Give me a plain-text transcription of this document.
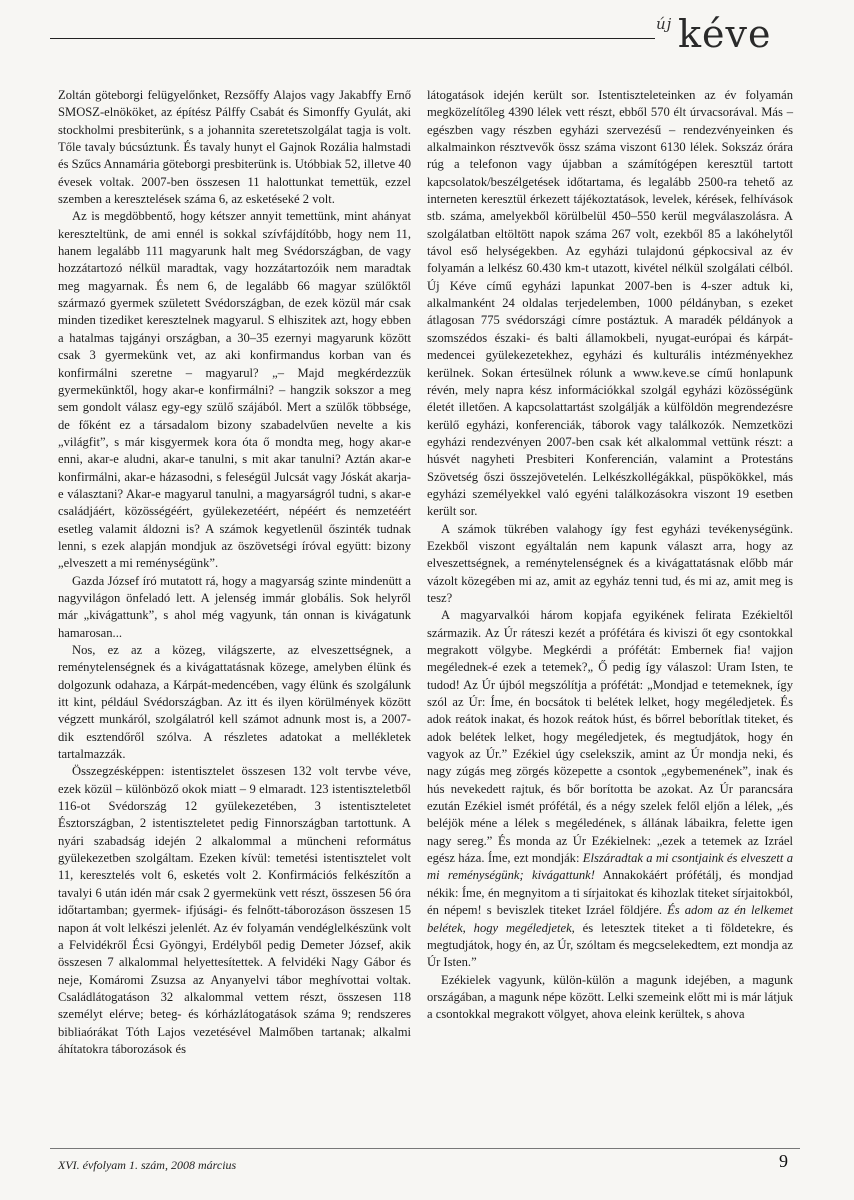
új kéve

Zoltán göteborgi felügyelőnket, Rezsőffy Alajos vagy Jakabffy Ernő SMOSZ-elnököket, az építész Pálffy Csabát és Simonffy Gyulát, aki stockholmi presbiterünk, s a johannita szeretetszolgálat tagja is volt. Tőle tavaly búcsúztunk. És tavaly hunyt el Gajnok Rozália halmstadi és Szűcs Annamária göteborgi presbiterünk is. Utóbbiak 52, illetve 40 évesek voltak. 2007-ben összesen 11 halottunkat temettük, ezzel szemben a keresztelések száma 6, az esketéseké 2 volt.

Az is megdöbbentő, hogy kétszer annyit temettünk, mint ahányat kereszteltünk, de ami ennél is sokkal szívfájdítóbb, hogy nem 11, hanem legalább 111 magyarunk halt meg Svédországban, de vagy hozzátartozó nélkül maradtak, vagy hozzátartozóik nem maradtak meg magyarnak. És nem 6, de legalább 66 magyar szülőktől származó gyermek született Svédországban, de ezek közül már csak minden tizediket keresztelnek magyarul. S elhiszitek azt, hogy ebben a hatalmas tajgányi országban, a 30–35 ezernyi magyarunk között csak 3 gyermekünk vet, az aki konfirmandus korban van és konfirmálni szeretne – magyarul? „– Majd megkérdezzük gyermekünktől, hogy akar-e konfirmálni? – hangzik sokszor a meg sem gondolt válasz egy-egy szülő szájából. Mert a szülők többsége, de főként ez a társadalom bizony szabadelvűen nevelte a kis „világfit”, s már kisgyermek kora óta ő mondta meg, hogy akar-e enni, akar-e aludni, akar-e tanulni, s mit akar tanulni? Aztán akar-e konfirmálni, akar-e házasodni, s feleségül Julcsát vagy Jóskát akarja-e választani? Akar-e magyarul tanulni, a magyarságról tudni, s akar-e családjáért, közösségéért, gyülekezetéért, népéért és nemzetéért esetleg valamit áldozni is? A számok kegyetlenül őszinték tudnak lenni, s ezek alapján mondjuk az öszövetségi íróval együtt: bizony „elveszett a mi reménységünk”.

Gazda József író mutatott rá, hogy a magyarság szinte mindenütt a nagyvilágon önfeladó lett. A jelenség immár globális. Sok helyről már „kivágattunk”, s ahol még vagyunk, tán onnan is kivágatunk hamarosan...

Nos, ez az a közeg, világszerte, az elveszettségnek, a reménytelenségnek és a kivágattatásnak közege, amelyben élünk és dolgozunk odahaza, a Kárpát-medencében, vagy élünk és szolgálunk itt kint, például Svédországban. Az itt és ilyen körülmények között végzett munkáról, szolgálatról kell számot adnunk most is, a 2007-dik esztendőről szólva. A részletes adatokat a mellékletek tartalmazzák.

Összegzésképpen: istentisztelet összesen 132 volt tervbe véve, ezek közül – különböző okok miatt – 9 elmaradt. 123 istentiszteletből 116-ot Svédország 12 gyülekezetében, 3 istentiszteletet Észtországban, 2 istentiszteletet pedig Finnországban tartottunk. A nyári szabadság idején 2 alkalommal a müncheni református gyülekezetben szolgáltam. Ezeken kívül: temetési istentisztelet volt 11, keresztelés volt 6, esketés volt 2. Konfirmációs felkészítőn a tavalyi 6 után idén már csak 2 gyermekünk vett részt, összesen 56 óra időtartamban; gyermek- ifjúsági- és felnőtt-táborozáson összesen 15 napon át volt lelkészi jelenlét. Az év folyamán vendéglelkészünk volt a Felvidékről Écsi Gyöngyi, Erdélyből pedig Demeter József, akik összesen 7 alkalommal helyettesítettek. A felvidéki Nagy Gábor és neje, Komáromi Zsuzsa az Anyanyelvi tábor meghívottai voltak. Családlátogatáson 32 alkalommal vettem részt, összesen 118 személyt elérve; beteg- és kórházlátogatások száma 9; rendszeres bibliaórákat Tóth Lajos vezetésével Malmőben tartanak; alkalmi áhítatokra táborozások és

látogatások idején került sor. Istentiszteleteinken az év folyamán megközelítőleg 4390 lélek vett részt, ebből 570 élt úrvacsorával. Más – egészben vagy részben egyházi szervezésű – rendezvényeinken és alkalmainkon résztvevők össz száma viszont 6130 lélek. Sokszáz órára rúg a telefonon vagy újabban a számítógépen keresztül tartott kapcsolatok/beszélgetések időtartama, és legalább 2500-ra tehető az interneten keresztül érkezett tájékoztatások, levelek, kérések, felhívások stb. száma, amelyekből körülbelül 450–550 kerül megválaszolásra. A szolgálatban eltöltött napok száma 267 volt, ezekből 85 a lakóhelytől távol eső helységekben. Az egyházi tulajdonú gépkocsival az év folyamán a lelkész 60.430 km-t utazott, kivétel nélkül szolgálati célból. Új Kéve című egyházi lapunkat 2007-ben is 4-szer adtuk ki, alkalmanként 24 oldalas terjedelemben, 1000 példányban, s ezeket átlagosan 775 svédországi címre postáztuk. A maradék példányok a szomszédos északi- és balti államokbeli, nyugat-európai és kárpát-medencei gyülekezetekhez, egyházi és kulturális intézményekhez kerülnek. Sokan értesülnek rólunk a www.keve.se című honlapunk révén, mely napra kész információkkal szolgál egyházi közösségünk életét illetően. A kapcsolattartást szolgálják a külföldön megrendezésre kerülő egyházi, konferenciák, táborok vagy találkozók. Nemzetközi egyházi rendezvényen 2007-ben csak két alkalommal vettünk részt: a húsvét nagyheti Presbiteri Konferencián, valamint a Protestáns Szövetség őszi összejövetelén. Lelkészkollégákkal, püspökökkel, más egyházi személyekkel való egyéni találkozásokra viszont 19 esetben került sor.

A számok tükrében valahogy így fest egyházi tevékenységünk. Ezekből viszont egyáltalán nem kapunk választ arra, hogy az elveszettségnek, a reménytelenségnek és a kivágattatásnak előbb már vázolt közegében mi az, amit az egyház tenni tud, és mi az, amit meg is tesz?

A magyarvalkói három kopjafa egyikének felirata Ezékieltől származik. Az Úr ráteszi kezét a prófétára és kiviszi őt egy csontokkal megrakott völgybe. Megkérdi a prófétát: Embernek fia! vajjon megélednek-é ezek a tetemek?„ Ő pedig így válaszol: Uram Isten, te tudod! Az Úr újból megszólítja a prófétát: „Mondjad e tetemeknek, így szól az Úr: Íme, én bocsátok ti belétek lelket, hogy megéledjetek. És adok reátok inakat, és hozok reátok húst, és bőrrel beborítlak titeket, és adok belétek lelket, hogy megéledjetek, és megtudjátok, hogy én vagyok az Úr.” Ezékiel úgy cselekszik, amint az Úr mondja neki, és nagy zúgás meg zörgés közepette a csontok „egybemenének”, inak és hús nevekedett rajtuk, és bőr borította be azokat. Az Úr parancsára ezután Ezékiel ismét prófétál, és a négy szelek felől eljőn a lélek, „és beléjök méne a lélek s megéledének, s állának lábaikra, felette igen nagy sereg.” És monda az Úr Ezékielnek: „ezek a tetemek az Izráel egész háza. Íme, ezt mondják: Elszáradtak a mi csontjaink és elveszett a mi reménységünk; kivágattunk! Annakokáért prófétálj, és mondjad nékik: Íme, én megnyitom a ti sírjaitokat és kihozlak titeket sírjaitokból, én népem! s beviszlek titeket Izráel földjére. És adom az én lelkemet belétek, hogy megéledjetek, és letesztek titeket a ti földetekre, és megtudjátok, hogy én, az Úr, szóltam és megcselekedtem, ezt mondja az Úr Isten.”

Ezékielek vagyunk, külön-külön a magunk idejében, a magunk országában, a magunk népe között. Lelki szemeink előtt mi is már látjuk a csontokkal megrakott völgyet, ahova eleink kerültek, s ahova

XVI. évfolyam 1. szám, 2008 március	9
